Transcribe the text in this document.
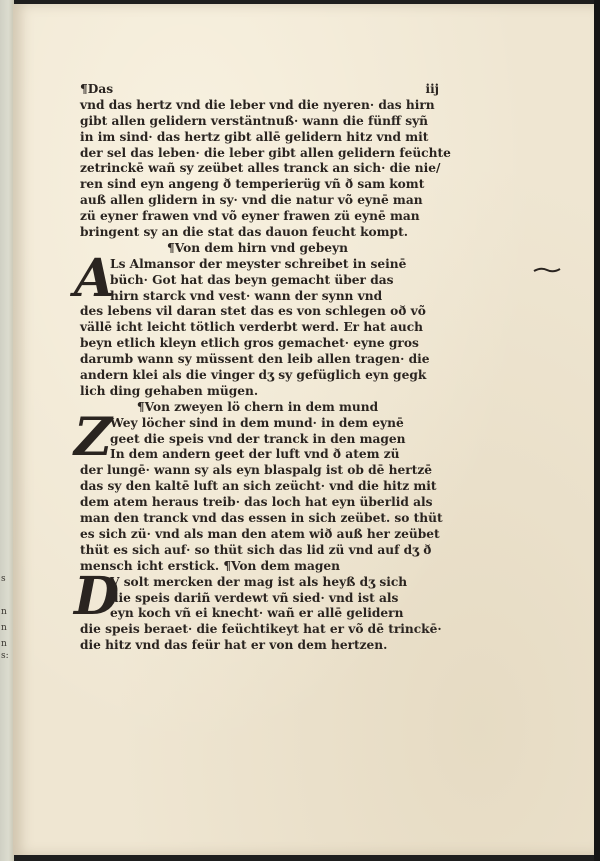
s
n
n
n
s:
¶Das	iij
vnd das hertz vnd die leber vnd die nyeren· das hirn
gibt allen gelidern verstäntnuß· wann die fünff syñ
in im sind· das hertz gibt allē gelidern hitz vnd mit
der sel das leben· die leber gibt allen gelidern feüchte
zetrinckē wañ sy zeübet alles tranck an sich· die nie/
ren sind eyn angeng ð temperierüg vñ ð sam komt
auß allen glidern in sy· vnd die natur võ eynē man
zü eyner frawen vnd võ eyner frawen zü eynē man
bringent sy an die stat das dauon feucht kompt.
¶Von dem hirn vnd gebeyn
A
Ls Almansor der meyster schreibet in seinē
büch· Got hat das beyn gemacht über das
hirn starck vnd vest· wann der synn vnd
des lebens vil daran stet das es von schlegen oð võ
vällē icht leicht tötlich verderbt werd. Er hat auch
beyn etlich kleyn etlich gros gemachet· eyne gros
darumb wann sy müssent den leib allen tragen· die
andern klei als die vinger dʒ sy gefüglich eyn gegk
lich ding gehaben mügen.
¶Von zweyen lö chern in dem mund
Z
Wey löcher sind in dem mund· in dem eynē
geet die speis vnd der tranck in den magen
In dem andern geet der luft vnd ð atem zü
der lungē· wann sy als eyn blaspalg ist ob dē hertzē
das sy den kaltē luft an sich zeücht· vnd die hitz mit
dem atem heraus treib· das loch hat eyn überlid als
man den tranck vnd das essen in sich zeübet. so thüt
es sich zü· vnd als man den atem wið auß her zeübet
thüt es sich auf· so thüt sich das lid zü vnd auf dʒ ð
mensch icht erstick. ¶Von dem magen
D
V solt mercken der mag ist als heyß dʒ sich
die speis dariñ verdewt vñ sied· vnd ist als
eyn koch vñ ei knecht· wañ er allē gelidern
die speis beraet· die feüchtikeyt hat er võ dē trinckē·
die hitz vnd das feür hat er von dem hertzen.
